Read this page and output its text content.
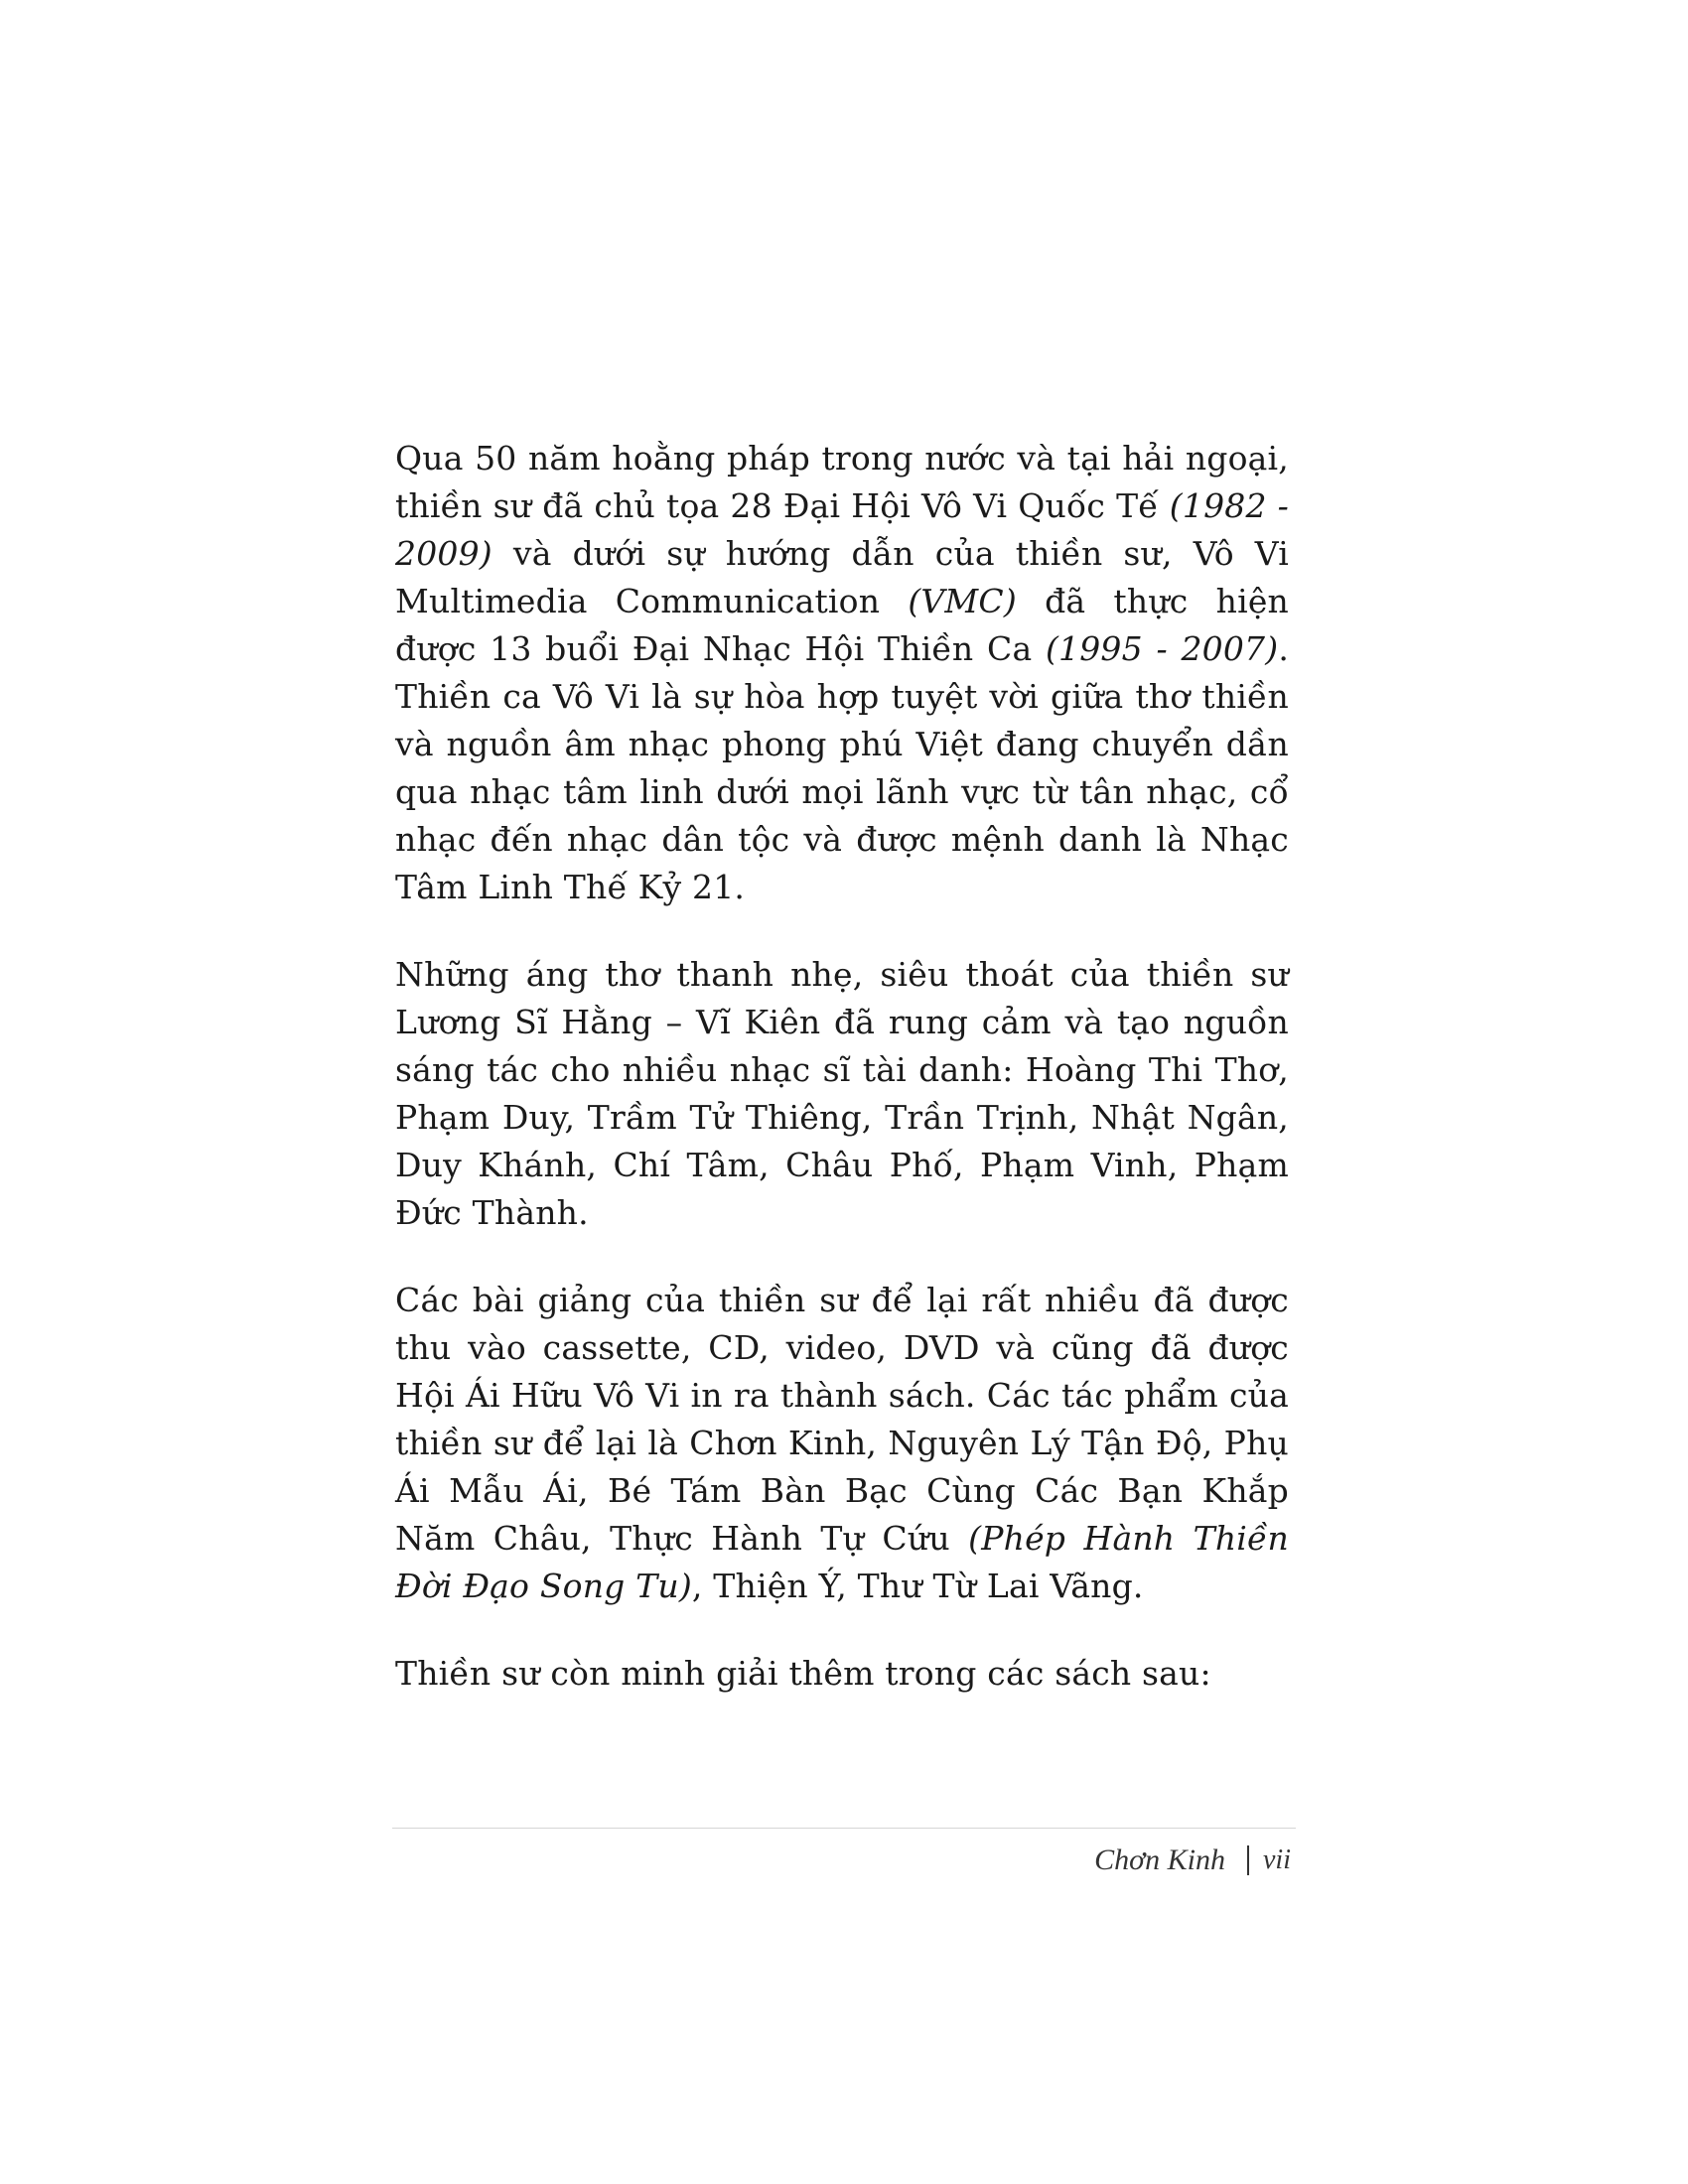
Qua 50 năm hoằng pháp trong nước và tại hải ngoại, thiền sư đã chủ tọa 28 Đại Hội Vô Vi Quốc Tế (1982 - 2009) và dưới sự hướng dẫn của thiền sư, Vô Vi Multimedia Communication (VMC) đã thực hiện được 13 buổi Đại Nhạc Hội Thiền Ca (1995 - 2007). Thiền ca Vô Vi là sự hòa hợp tuyệt vời giữa thơ thiền và nguồn âm nhạc phong phú Việt đang chuyển dần qua nhạc tâm linh dưới mọi lãnh vực từ tân nhạc, cổ nhạc đến nhạc dân tộc và được mệnh danh là Nhạc Tâm Linh Thế Kỷ 21.

Những áng thơ thanh nhẹ, siêu thoát của thiền sư Lương Sĩ Hằng – Vĩ Kiên đã rung cảm và tạo nguồn sáng tác cho nhiều nhạc sĩ tài danh: Hoàng Thi Thơ, Phạm Duy, Trầm Tử Thiêng, Trần Trịnh, Nhật Ngân, Duy Khánh, Chí Tâm, Châu Phố, Phạm Vinh, Phạm Đức Thành.

Các bài giảng của thiền sư để lại rất nhiều đã được thu vào cassette, CD, video, DVD và cũng đã được Hội Ái Hữu Vô Vi in ra thành sách. Các tác phẩm của thiền sư để lại là Chơn Kinh, Nguyên Lý Tận Độ, Phụ Ái Mẫu Ái, Bé Tám Bàn Bạc Cùng Các Bạn Khắp Năm Châu, Thực Hành Tự Cứu (Phép Hành Thiền Đời Đạo Song Tu), Thiện Ý, Thư Từ Lai Vãng.

Thiền sư còn minh giải thêm trong các sách sau:

Chơn Kinh vii
